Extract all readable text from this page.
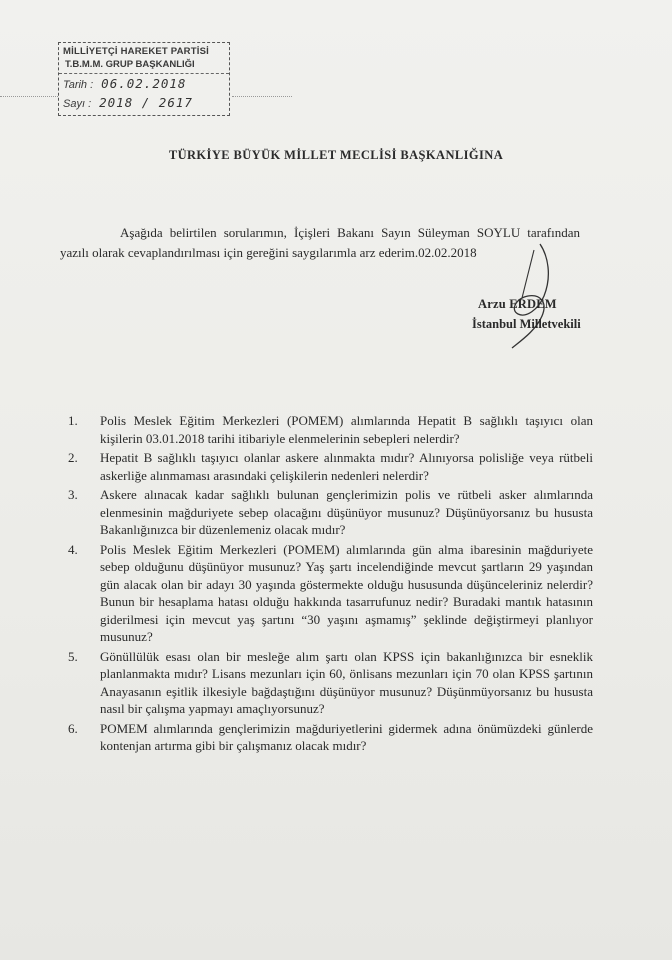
MİLLİYETÇİ HAREKET PARTİSİ
T.B.M.M. GRUP BAŞKANLIĞI
Tarih : 06.02.2018
Sayı : 2018 / 2617
TÜRKİYE BÜYÜK MİLLET MECLİSİ BAŞKANLIĞINA

Aşağıda belirtilen sorularımın, İçişleri Bakanı Sayın Süleyman SOYLU tarafından yazılı olarak cevaplandırılması için gereğini saygılarımla arz ederim.02.02.2018

Arzu ERDEM
İstanbul Milletvekili
1. Polis Meslek Eğitim Merkezleri (POMEM) alımlarında Hepatit B sağlıklı taşıyıcı olan kişilerin 03.01.2018 tarihi itibariyle elenmelerinin sebepleri nelerdir?
2. Hepatit B sağlıklı taşıyıcı olanlar askere alınmakta mıdır? Alınıyorsa polisliğe veya rütbeli askerliğe alınmaması arasındaki çelişkilerin nedenleri nelerdir?
3. Askere alınacak kadar sağlıklı bulunan gençlerimizin polis ve rütbeli asker alımlarında elenmesinin mağduriyete sebep olacağını düşünüyor musunuz? Düşünüyorsanız bu hususta Bakanlığınızca bir düzenlemeniz olacak mıdır?
4. Polis Meslek Eğitim Merkezleri (POMEM) alımlarında gün alma ibaresinin mağduriyete sebep olduğunu düşünüyor musunuz? Yaş şartı incelendiğinde mevcut şartların 29 yaşından gün alacak olan bir adayı 30 yaşında göstermekte olduğu hususunda düşünceleriniz nelerdir? Bunun bir hesaplama hatası olduğu hakkında tasarrufunuz nedir? Buradaki mantık hatasının giderilmesi için mevcut yaş şartını “30 yaşını aşmamış” şeklinde değiştirmeyi planlıyor musunuz?
5. Gönüllülük esası olan bir mesleğe alım şartı olan KPSS için bakanlığınızca bir esneklik planlanmakta mıdır? Lisans mezunları için 60, önlisans mezunları için 70 olan KPSS şartının Anayasanın eşitlik ilkesiyle bağdaştığını düşünüyor musunuz? Düşünmüyorsanız bu hususta nasıl bir çalışma yapmayı amaçlıyorsunuz?
6. POMEM alımlarında gençlerimizin mağduriyetlerini gidermek adına önümüzdeki günlerde kontenjan artırma gibi bir çalışmanız olacak mıdır?
